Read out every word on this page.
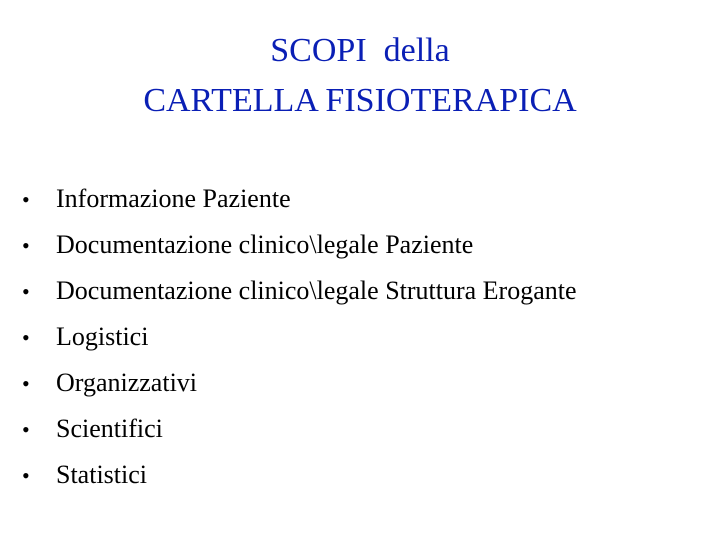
SCOPI  della
CARTELLA FISIOTERAPICA
•	Informazione Paziente
•	Documentazione clinico\legale Paziente
•	Documentazione clinico\legale Struttura Erogante
•	Logistici
•	Organizzativi
•	Scientifici
•	Statistici
